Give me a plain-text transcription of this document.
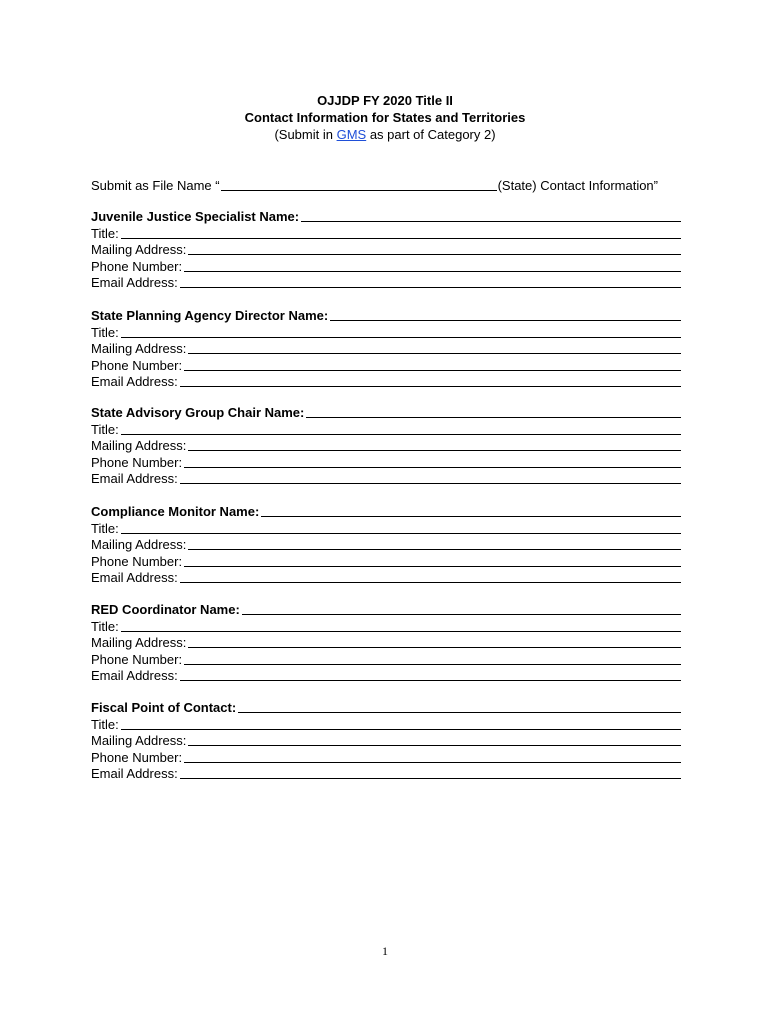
OJJDP FY 2020 Title II
Contact Information for States and Territories
(Submit in GMS as part of Category 2)
Submit as File Name “	(State) Contact Information”
Juvenile Justice Specialist Name:
Title:
Mailing Address:
Phone Number:
Email Address:
State Planning Agency Director Name:
Title:
Mailing Address:
Phone Number:
Email Address:
State Advisory Group Chair Name:
Title:
Mailing Address:
Phone Number:
Email Address:
Compliance Monitor Name:
Title:
Mailing Address:
Phone Number:
Email Address:
RED Coordinator Name:
Title:
Mailing Address:
Phone Number:
Email Address:
Fiscal Point of Contact:
Title:
Mailing Address:
Phone Number:
Email Address:
1
